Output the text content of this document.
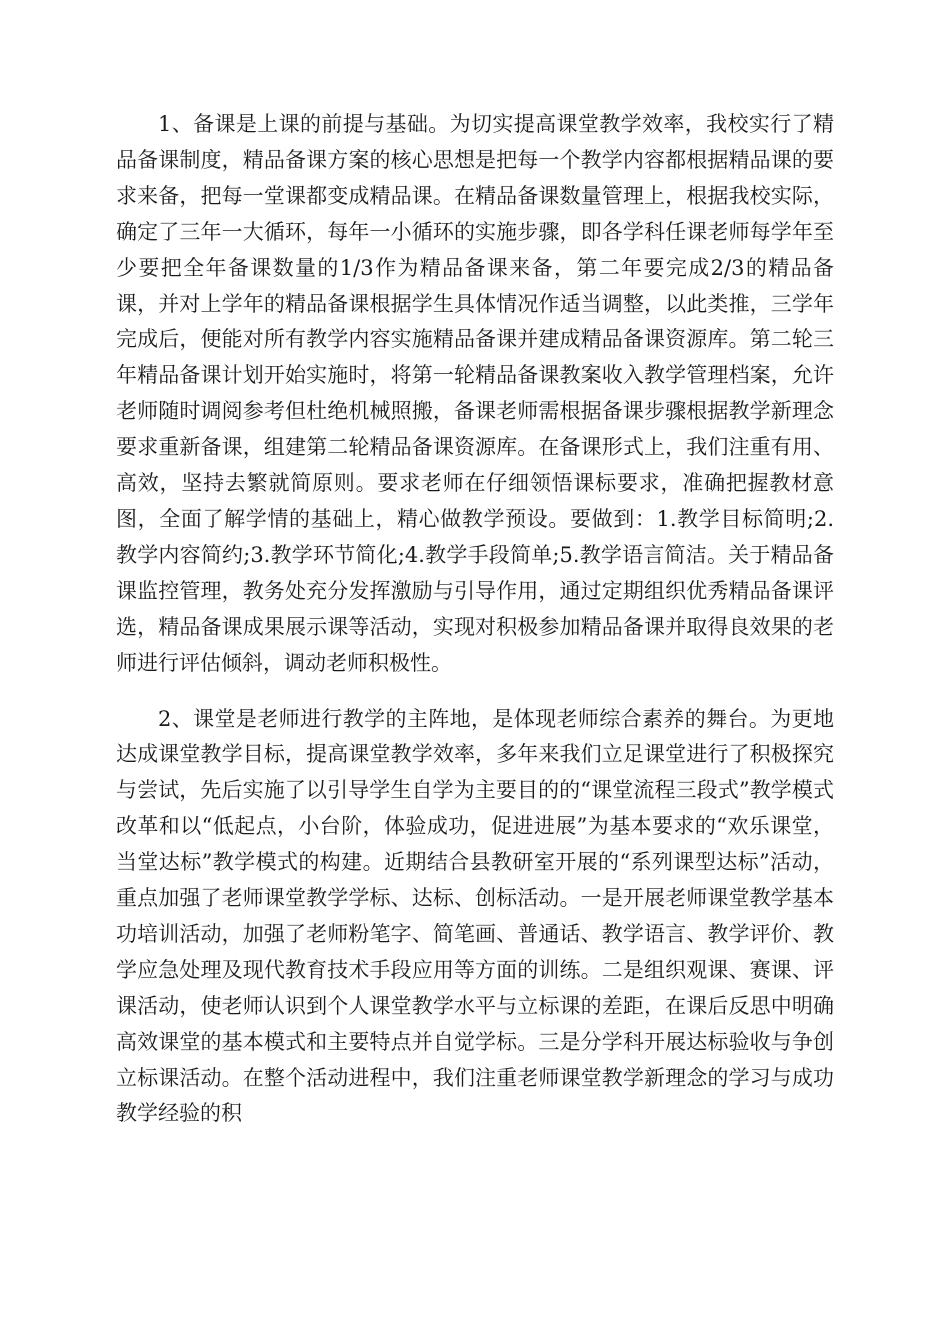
1、备课是上课的前提与基础。为切实提高课堂教学效率，我校实行了精品备课制度，精品备课方案的核心思想是把每一个教学内容都根据精品课的要求来备，把每一堂课都变成精品课。在精品备课数量管理上，根据我校实际，确定了三年一大循环，每年一小循环的实施步骤，即各学科任课老师每学年至少要把全年备课数量的1/3作为精品备课来备，第二年要完成2/3的精品备课，并对上学年的精品备课根据学生具体情况作适当调整，以此类推，三学年完成后，便能对所有教学内容实施精品备课并建成精品备课资源库。第二轮三年精品备课计划开始实施时，将第一轮精品备课教案收入教学管理档案，允许老师随时调阅参考但杜绝机械照搬，备课老师需根据备课步骤根据教学新理念要求重新备课，组建第二轮精品备课资源库。在备课形式上，我们注重有用、高效，坚持去繁就简原则。要求老师在仔细领悟课标要求，准确把握教材意图，全面了解学情的基础上，精心做教学预设。要做到：1.教学目标简明;2.教学内容简约;3.教学环节简化;4.教学手段简单;5.教学语言简洁。关于精品备课监控管理，教务处充分发挥激励与引导作用，通过定期组织优秀精品备课评选，精品备课成果展示课等活动，实现对积极参加精品备课并取得良效果的老师进行评估倾斜，调动老师积极性。

2、课堂是老师进行教学的主阵地，是体现老师综合素养的舞台。为更地达成课堂教学目标，提高课堂教学效率，多年来我们立足课堂进行了积极探究与尝试，先后实施了以引导学生自学为主要目的的“课堂流程三段式”教学模式改革和以“低起点，小台阶，体验成功，促进进展”为基本要求的“欢乐课堂，当堂达标”教学模式的构建。近期结合县教研室开展的“系列课型达标”活动，重点加强了老师课堂教学学标、达标、创标活动。一是开展老师课堂教学基本功培训活动，加强了老师粉笔字、简笔画、普通话、教学语言、教学评价、教学应急处理及现代教育技术手段应用等方面的训练。二是组织观课、赛课、评课活动，使老师认识到个人课堂教学水平与立标课的差距，在课后反思中明确高效课堂的基本模式和主要特点并自觉学标。三是分学科开展达标验收与争创立标课活动。在整个活动进程中，我们注重老师课堂教学新理念的学习与成功教学经验的积
